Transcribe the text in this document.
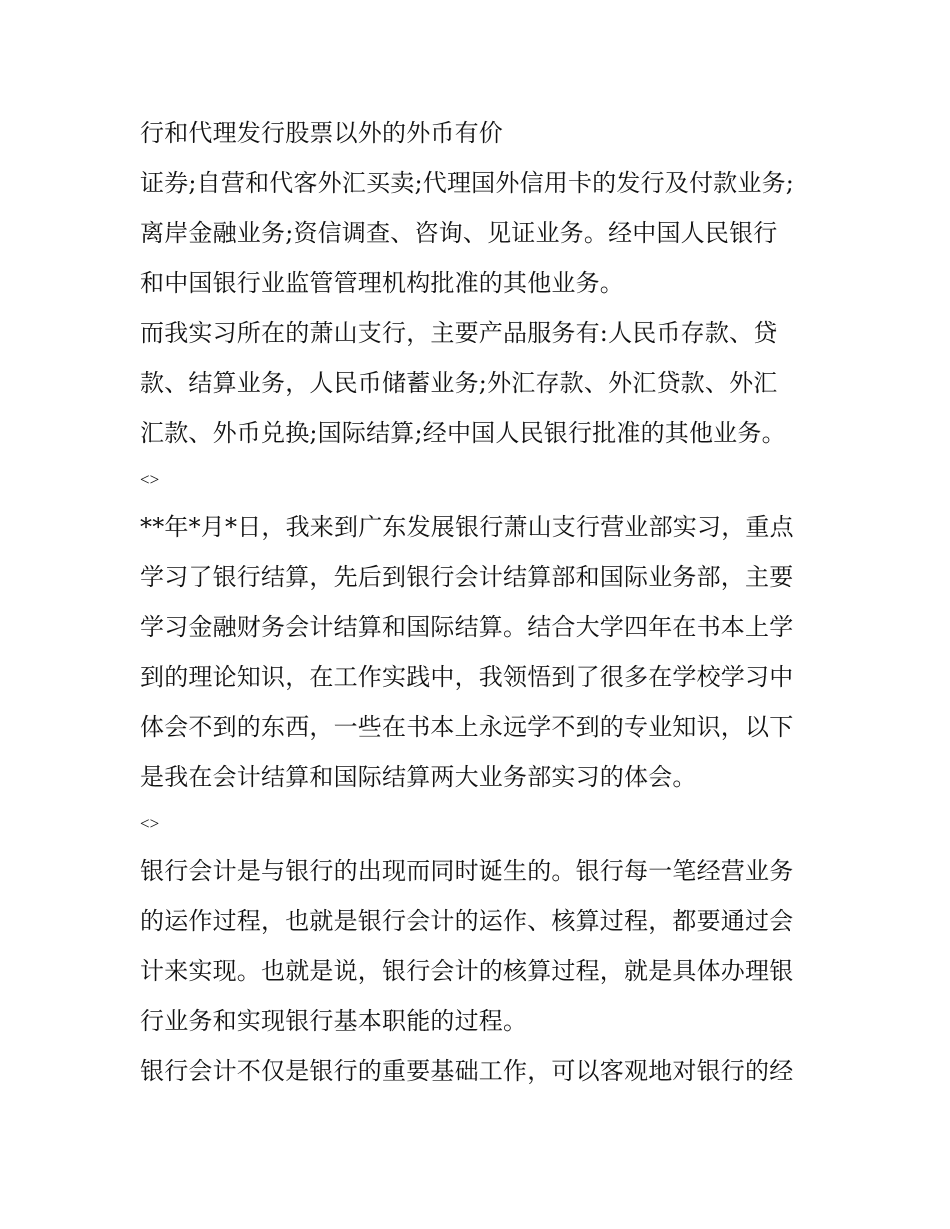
行和代理发行股票以外的外币有价
证券;自营和代客外汇买卖;代理国外信用卡的发行及付款业务;
离岸金融业务;资信调查、咨询、见证业务。经中国人民银行
和中国银行业监管管理机构批准的其他业务。
而我实习所在的萧山支行，主要产品服务有:人民币存款、贷
款、结算业务，人民币储蓄业务;外汇存款、外汇贷款、外汇
汇款、外币兑换;国际结算;经中国人民银行批准的其他业务。
<>
**年*月*日，我来到广东发展银行萧山支行营业部实习，重点
学习了银行结算，先后到银行会计结算部和国际业务部，主要
学习金融财务会计结算和国际结算。结合大学四年在书本上学
到的理论知识，在工作实践中，我领悟到了很多在学校学习中
体会不到的东西，一些在书本上永远学不到的专业知识，以下
是我在会计结算和国际结算两大业务部实习的体会。
<>
银行会计是与银行的出现而同时诞生的。银行每一笔经营业务
的运作过程，也就是银行会计的运作、核算过程，都要通过会
计来实现。也就是说，银行会计的核算过程，就是具体办理银
行业务和实现银行基本职能的过程。
银行会计不仅是银行的重要基础工作，可以客观地对银行的经
